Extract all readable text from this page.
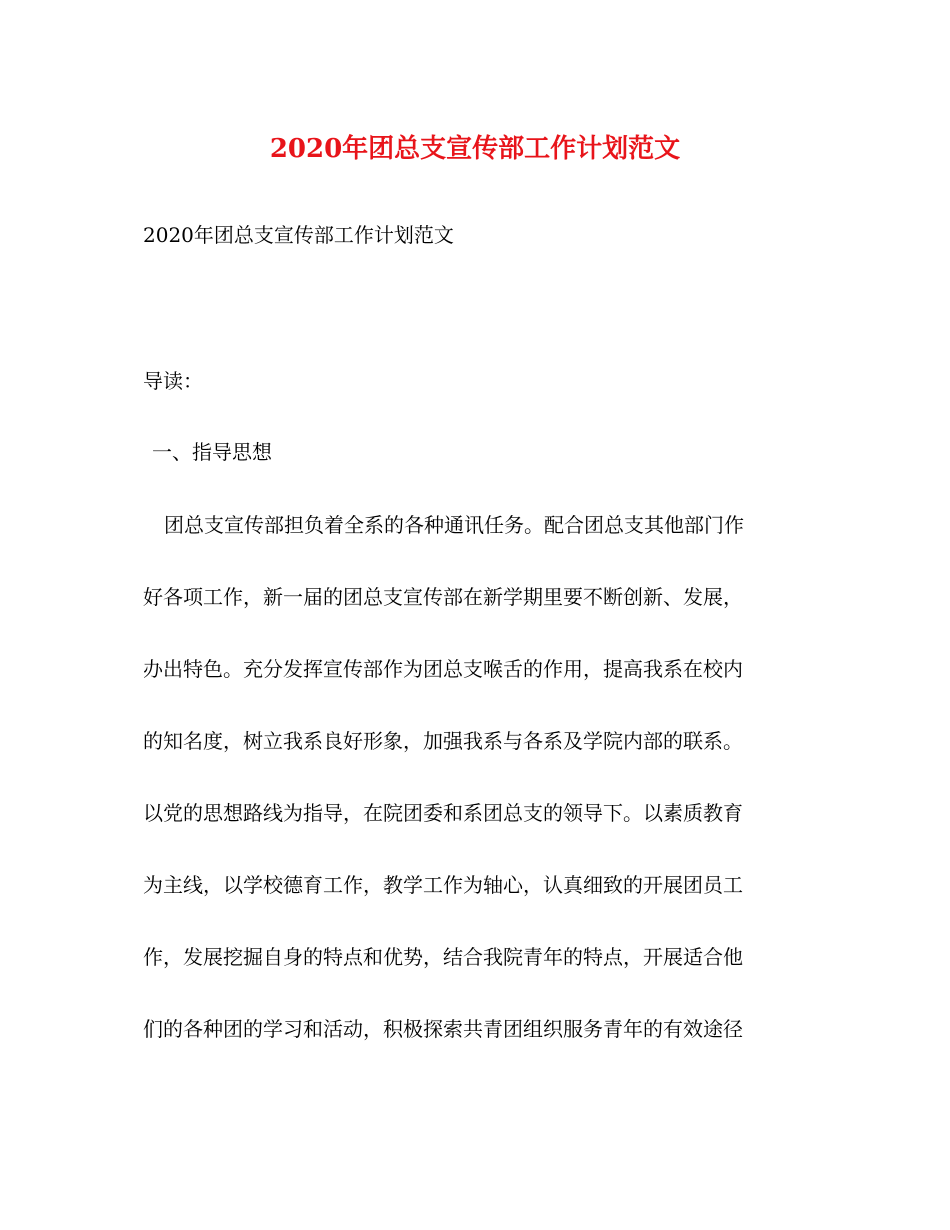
2020年团总支宣传部工作计划范文
2020年团总支宣传部工作计划范文
导读：
一、指导思想
团总支宣传部担负着全系的各种通讯任务。配合团总支其他部门作
好各项工作，新一届的团总支宣传部在新学期里要不断创新、发展，
办出特色。充分发挥宣传部作为团总支喉舌的作用，提高我系在校内
的知名度，树立我系良好形象，加强我系与各系及学院内部的联系。
以党的思想路线为指导，在院团委和系团总支的领导下。以素质教育
为主线，以学校德育工作，教学工作为轴心，认真细致的开展团员工
作，发展挖掘自身的特点和优势，结合我院青年的特点，开展适合他
们的各种团的学习和活动，积极探索共青团组织服务青年的有效途径
